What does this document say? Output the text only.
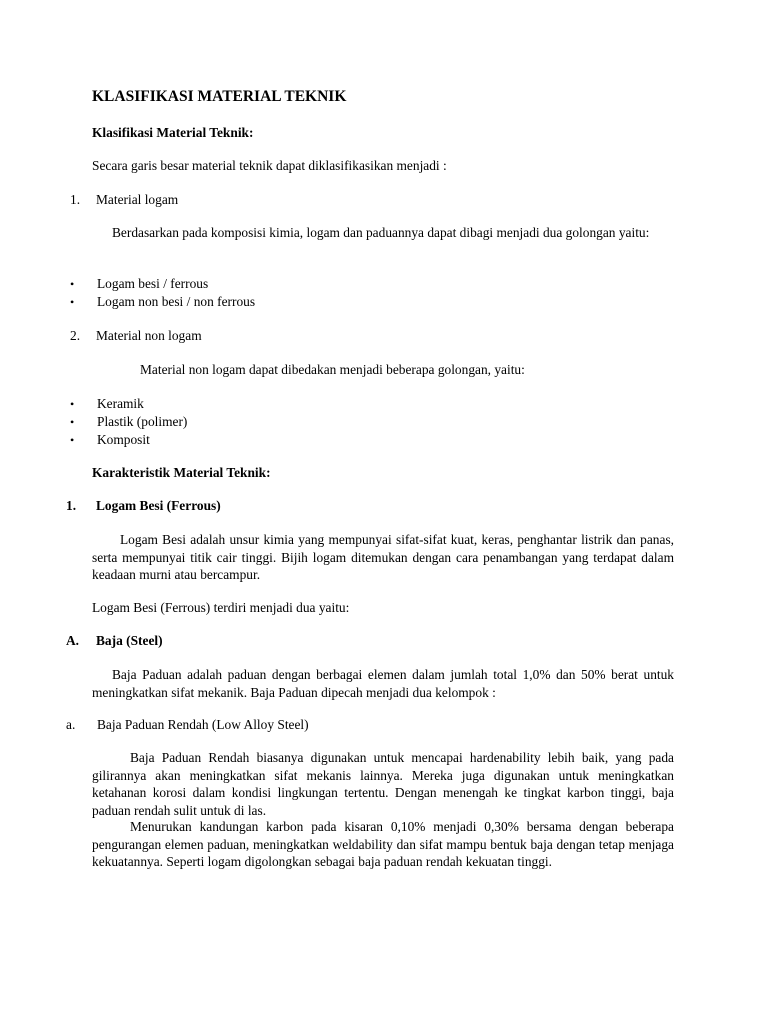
KLASIFIKASI MATERIAL TEKNIK
Klasifikasi Material Teknik:
Secara garis besar material teknik dapat diklasifikasikan menjadi :
1. Material logam
Berdasarkan pada komposisi kimia, logam dan paduannya dapat dibagi menjadi dua golongan yaitu:
• Logam besi / ferrous
• Logam non besi / non ferrous
2. Material non logam
Material non logam dapat dibedakan menjadi beberapa golongan, yaitu:
• Keramik
• Plastik (polimer)
• Komposit
Karakteristik Material Teknik:
1. Logam Besi (Ferrous)
Logam Besi adalah unsur kimia yang mempunyai sifat-sifat kuat, keras, penghantar listrik dan panas, serta mempunyai titik cair tinggi. Bijih logam ditemukan dengan cara penambangan yang terdapat dalam keadaan murni atau bercampur.
Logam Besi (Ferrous) terdiri menjadi dua yaitu:
A. Baja (Steel)
Baja Paduan adalah paduan dengan berbagai elemen dalam jumlah total 1,0% dan 50% berat untuk meningkatkan sifat mekanik. Baja Paduan dipecah menjadi dua kelompok :
a. Baja Paduan Rendah (Low Alloy Steel)
Baja Paduan Rendah biasanya digunakan untuk mencapai hardenability lebih baik, yang pada gilirannya akan meningkatkan sifat mekanis lainnya. Mereka juga digunakan untuk meningkatkan ketahanan korosi dalam kondisi lingkungan tertentu. Dengan menengah ke tingkat karbon tinggi, baja paduan rendah sulit untuk di las.
Menurukan kandungan karbon pada kisaran 0,10% menjadi 0,30% bersama dengan beberapa pengurangan elemen paduan, meningkatkan weldability dan sifat mampu bentuk baja dengan tetap menjaga kekuatannya. Seperti logam digolongkan sebagai baja paduan rendah kekuatan tinggi.
